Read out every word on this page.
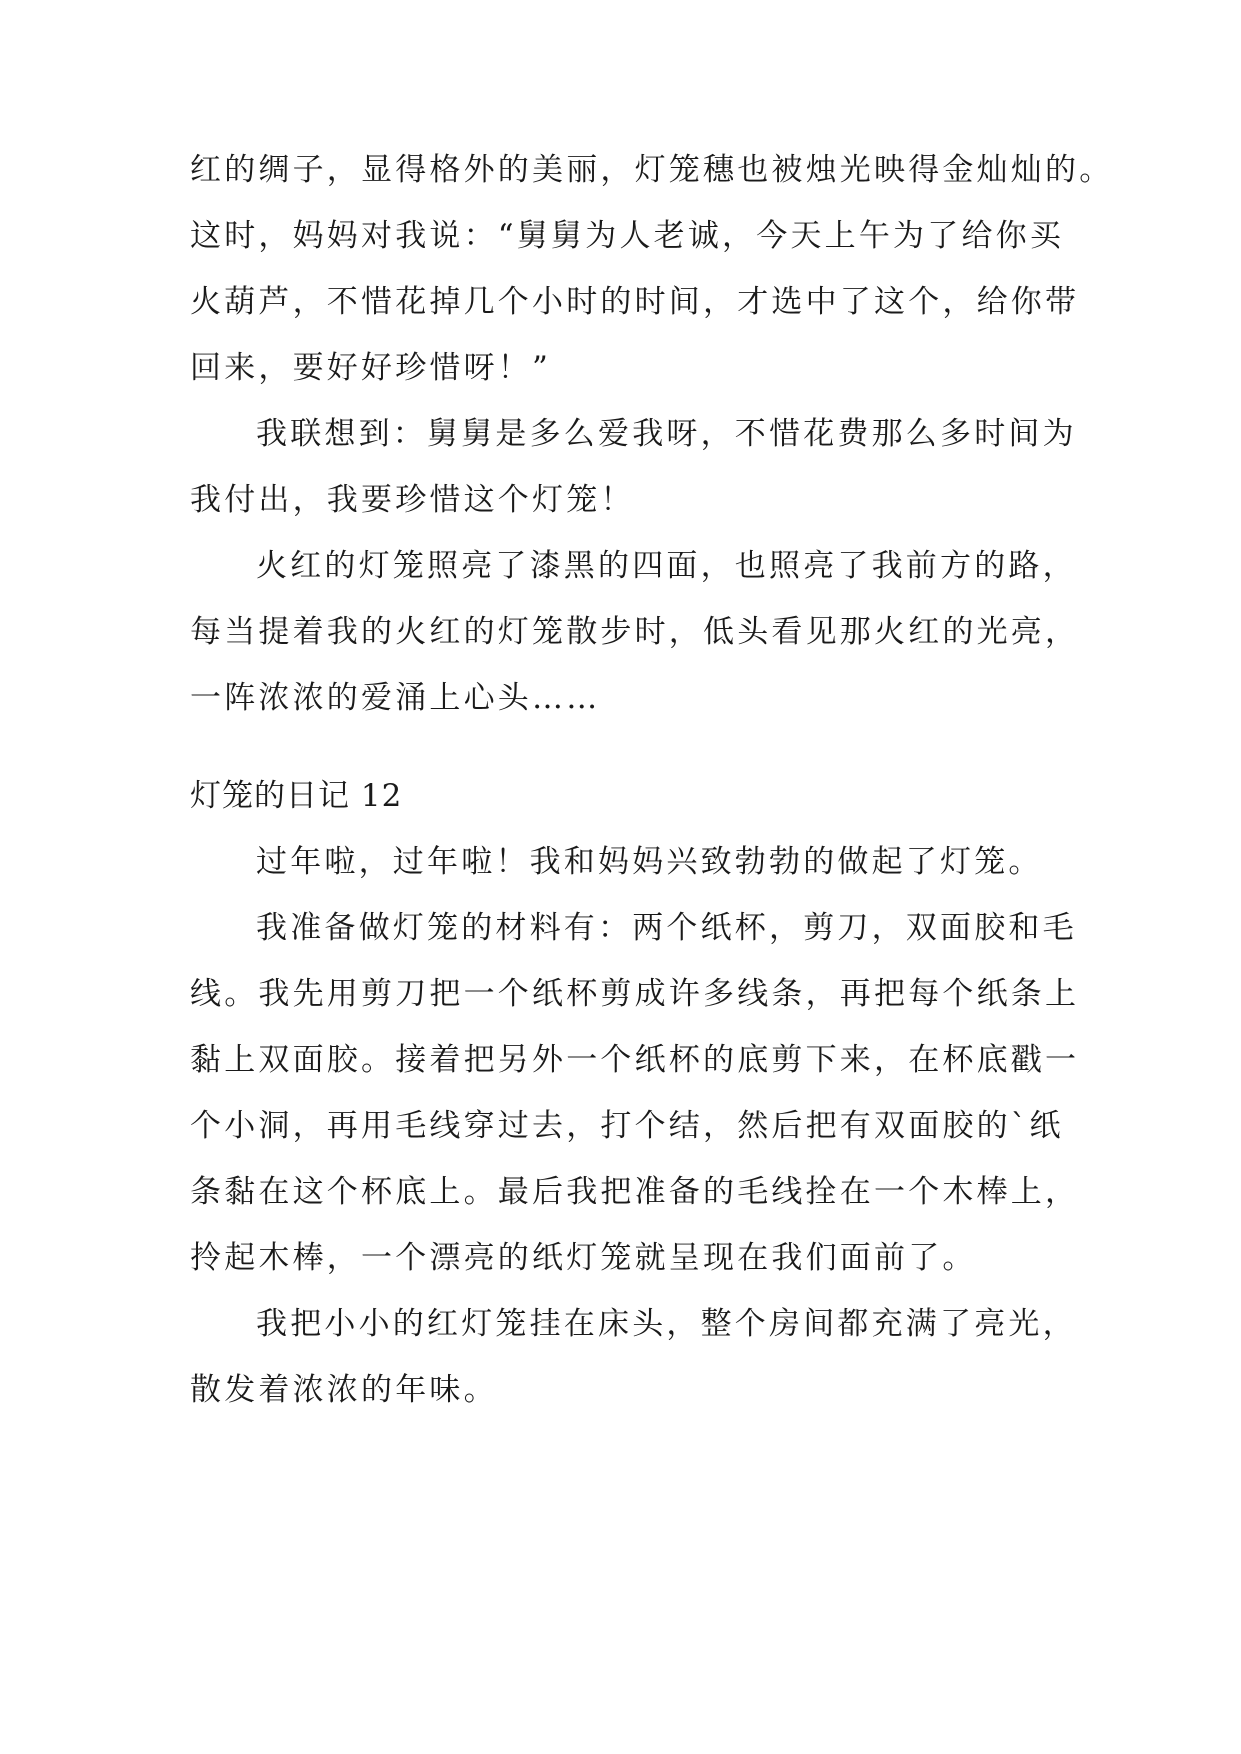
红的绸子，显得格外的美丽，灯笼穗也被烛光映得金灿灿的。
这时，妈妈对我说：“舅舅为人老诚，今天上午为了给你买
火葫芦，不惜花掉几个小时的时间，才选中了这个，给你带
回来，要好好珍惜呀！”
我联想到：舅舅是多么爱我呀，不惜花费那么多时间为
我付出，我要珍惜这个灯笼！
火红的灯笼照亮了漆黑的四面，也照亮了我前方的路，
每当提着我的火红的灯笼散步时，低头看见那火红的光亮，
一阵浓浓的爱涌上心头……
灯笼的日记 12
过年啦，过年啦！我和妈妈兴致勃勃的做起了灯笼。
我准备做灯笼的材料有：两个纸杯，剪刀，双面胶和毛
线。我先用剪刀把一个纸杯剪成许多线条，再把每个纸条上
黏上双面胶。接着把另外一个纸杯的底剪下来，在杯底戳一
个小洞，再用毛线穿过去，打个结，然后把有双面胶的`纸
条黏在这个杯底上。最后我把准备的毛线拴在一个木棒上，
拎起木棒，一个漂亮的纸灯笼就呈现在我们面前了。
我把小小的红灯笼挂在床头，整个房间都充满了亮光，
散发着浓浓的年味。
